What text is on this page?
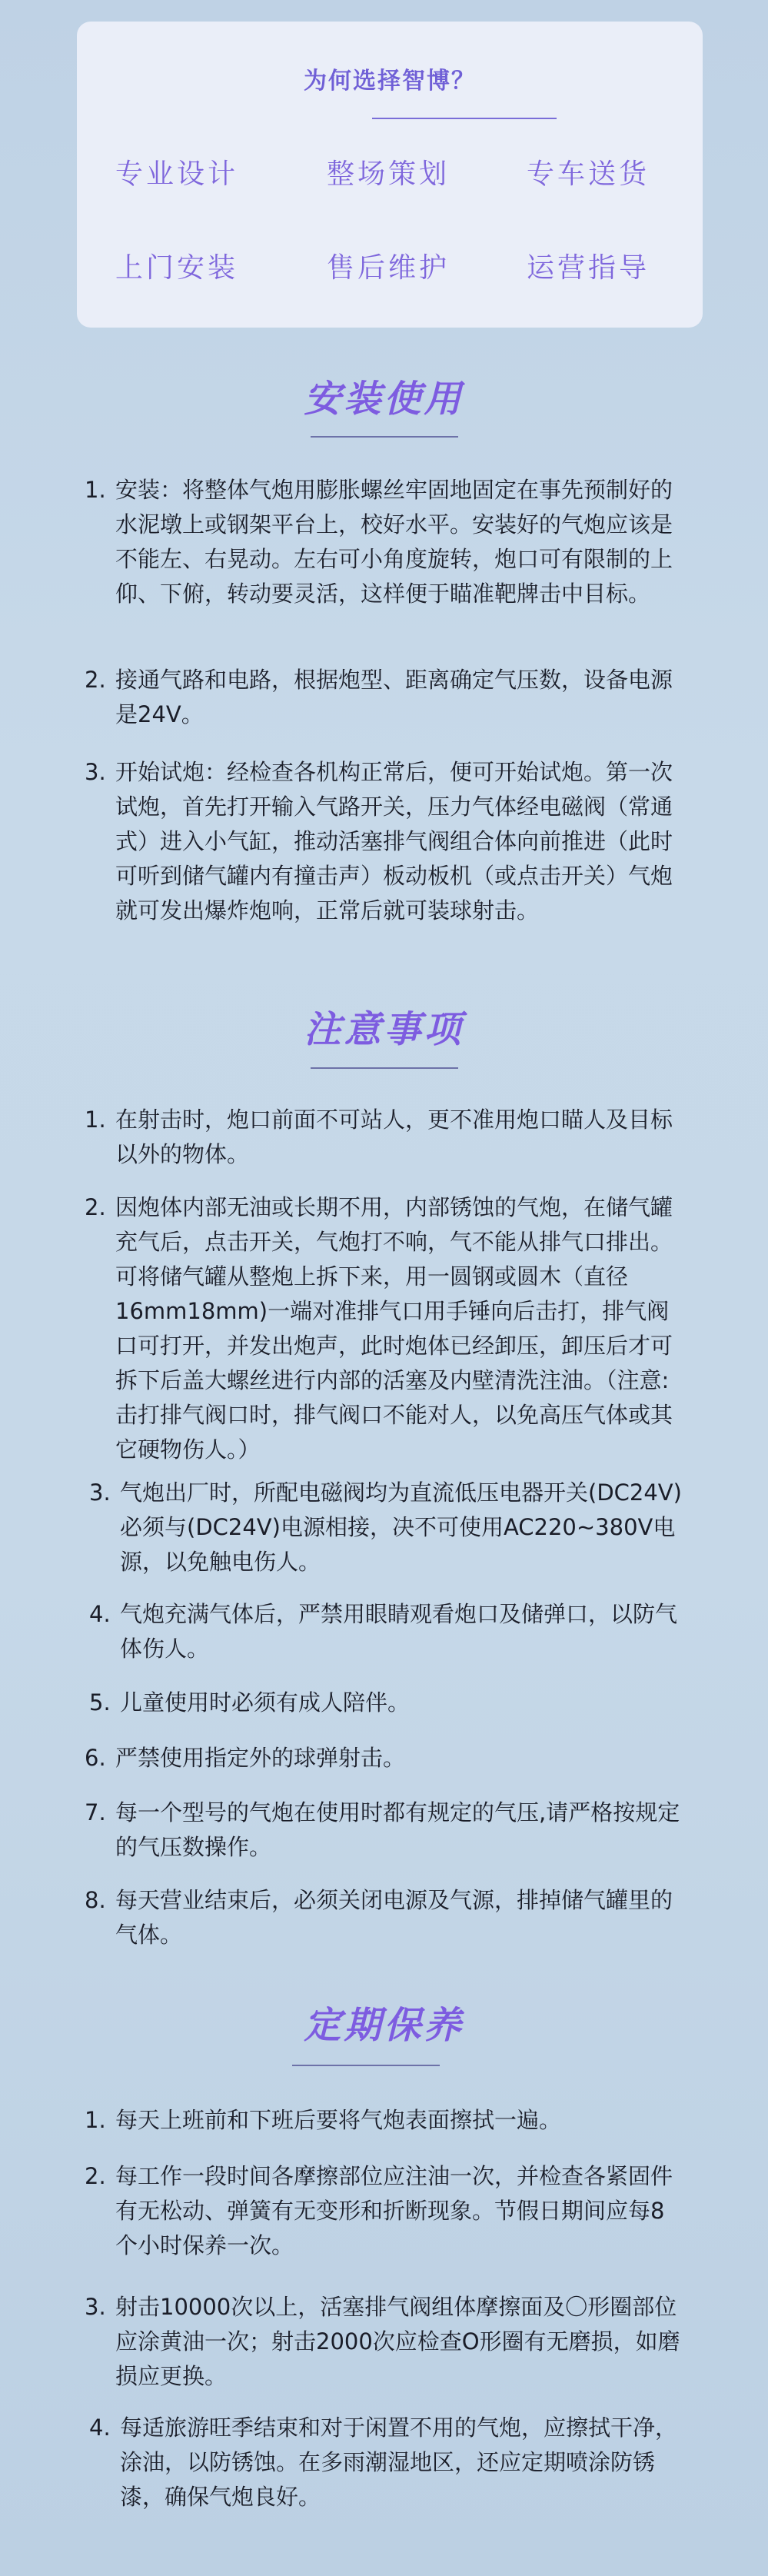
为何选择智博？
专业设计	整场策划	专车送货
上门安装	售后维护	运营指导
安装使用
1. 安装：将整体气炮用膨胀螺丝牢固地固定在事先预制好的水泥墩上或钢架平台上，校好水平。安装好的气炮应该是不能左、右晃动。左右可小角度旋转，炮口可有限制的上仰、下俯，转动要灵活，这样便于瞄准靶牌击中目标。
2. 接通气路和电路，根据炮型、距离确定气压数，设备电源是24V。
3. 开始试炮：经检查各机构正常后，便可开始试炮。第一次试炮，首先打开输入气路开关，压力气体经电磁阀（常通式）进入小气缸，推动活塞排气阀组合体向前推进（此时可听到储气罐内有撞击声）板动板机（或点击开关）气炮就可发出爆炸炮响，正常后就可装球射击。
注意事项
1. 在射击时，炮口前面不可站人，更不准用炮口瞄人及目标以外的物体。
2. 因炮体内部无油或长期不用，内部锈蚀的气炮，在储气罐充气后，点击开关，气炮打不响，气不能从排气口排出。可将储气罐从整炮上拆下来，用一圆钢或圆木（直径16mm18mm)一端对准排气口用手锤向后击打，排气阀口可打开，并发出炮声，此时炮体已经卸压，卸压后才可拆下后盖大螺丝进行内部的活塞及内壁清洗注油。（注意:击打排气阀口时，排气阀口不能对人，以免高压气体或其它硬物伤人。）
3. 气炮出厂时，所配电磁阀均为直流低压电器开关(DC24V)必须与(DC24V)电源相接，决不可使用AC220~380V电源，以免触电伤人。
4. 气炮充满气体后，严禁用眼睛观看炮口及储弹口，以防气体伤人。
5. 儿童使用时必须有成人陪伴。
6. 严禁使用指定外的球弹射击。
7. 每一个型号的气炮在使用时都有规定的气压,请严格按规定的气压数操作。
8. 每天营业结束后，必须关闭电源及气源，排掉储气罐里的气体。
定期保养
1. 每天上班前和下班后要将气炮表面擦拭一遍。
2. 每工作一段时间各摩擦部位应注油一次，并检查各紧固件有无松动、弹簧有无变形和折断现象。节假日期间应每8个小时保养一次。
3. 射击10000次以上，活塞排气阀组体摩擦面及〇形圈部位应涂黄油一次；射击2000次应检查O形圈有无磨损，如磨损应更换。
4. 每适旅游旺季结束和对于闲置不用的气炮，应擦拭干净，涂油，以防锈蚀。在多雨潮湿地区，还应定期喷涂防锈漆，确保气炮良好。
